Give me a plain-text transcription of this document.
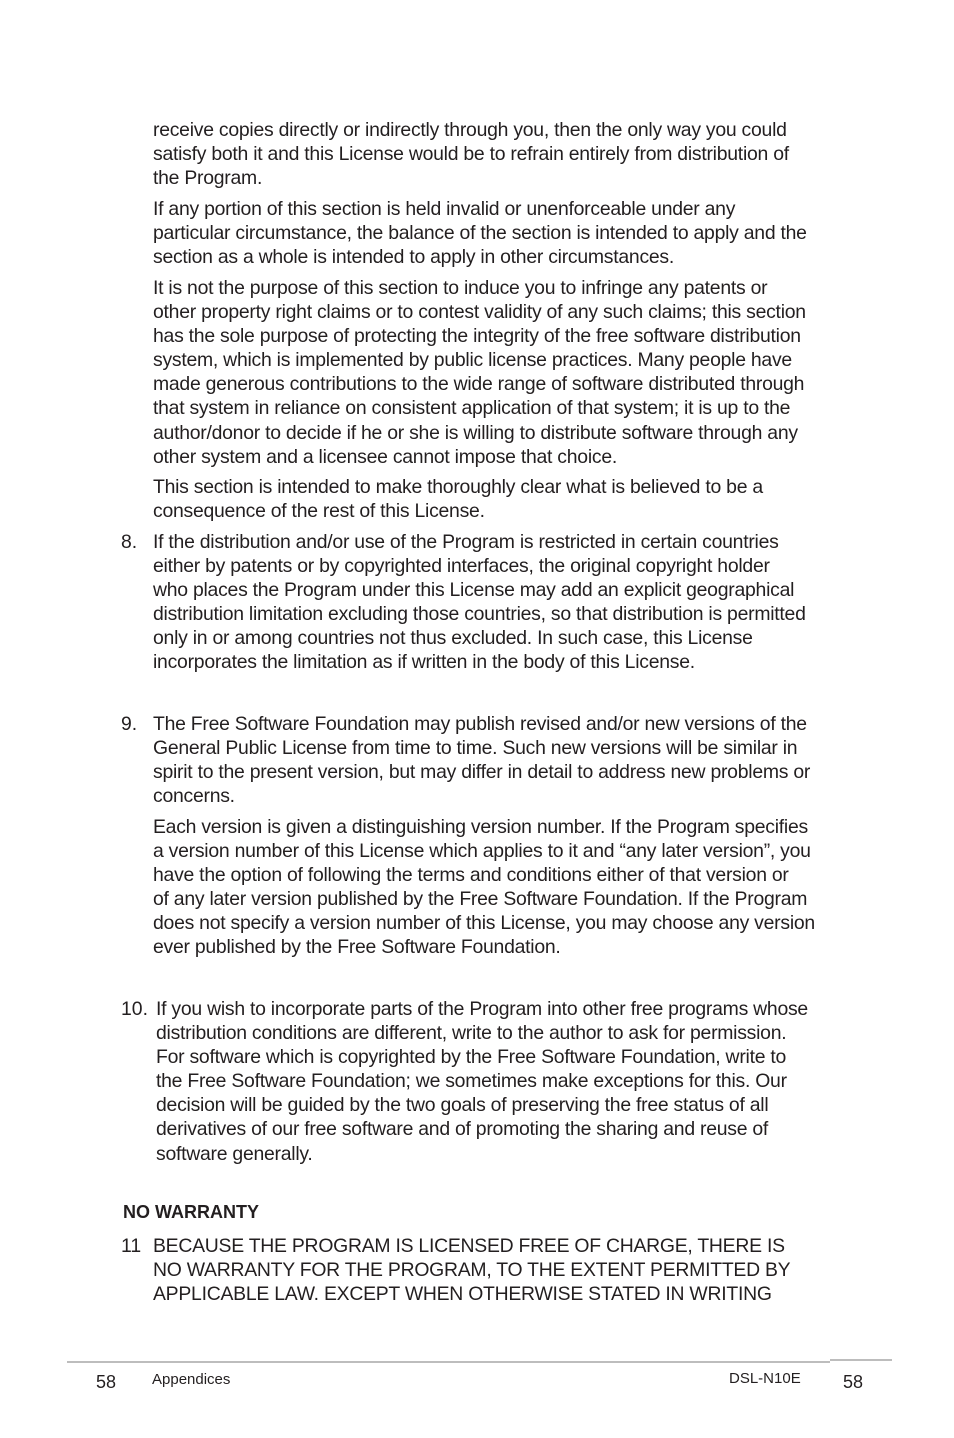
receive copies directly or indirectly through you, then the only way you could
satisfy both it and this License would be to refrain entirely from distribution of
the Program.

If any portion of this section is held invalid or unenforceable under any
particular circumstance, the balance of the section is intended to apply and the
section as a whole is intended to apply in other circumstances.

It is not the purpose of this section to induce you to infringe any patents or
other property right claims or to contest validity of any such claims; this section
has the sole purpose of protecting the integrity of the free software distribution
system, which is implemented by public license practices. Many people have
made generous contributions to the wide range of software distributed through
that system in reliance on consistent application of that system; it is up to the
author/donor to decide if he or she is willing to distribute software through any
other system and a licensee cannot impose that choice.

This section is intended to make thoroughly clear what is believed to be a
consequence of the rest of this License.

8. If the distribution and/or use of the Program is restricted in certain countries
either by patents or by copyrighted interfaces, the original copyright holder
who places the Program under this License may add an explicit geographical
distribution limitation excluding those countries, so that distribution is permitted
only in or among countries not thus excluded. In such case, this License
incorporates the limitation as if written in the body of this License.

9. The Free Software Foundation may publish revised and/or new versions of the
General Public License from time to time. Such new versions will be similar in
spirit to the present version, but may differ in detail to address new problems or
concerns.

Each version is given a distinguishing version number. If the Program specifies
a version number of this License which applies to it and “any later version”, you
have the option of following the terms and conditions either of that version or
of any later version published by the Free Software Foundation. If the Program
does not specify a version number of this License, you may choose any version
ever published by the Free Software Foundation.

10. If you wish to incorporate parts of the Program into other free programs whose
distribution conditions are different, write to the author to ask for permission.
For software which is copyrighted by the Free Software Foundation, write to
the Free Software Foundation; we sometimes make exceptions for this. Our
decision will be guided by the two goals of preserving the free status of all
derivatives of our free software and of promoting the sharing and reuse of
software generally.

NO WARRANTY

11 BECAUSE THE PROGRAM IS LICENSED FREE OF CHARGE, THERE IS
NO WARRANTY FOR THE PROGRAM, TO THE EXTENT PERMITTED BY
APPLICABLE LAW. EXCEPT WHEN OTHERWISE STATED IN WRITING

58 Appendices	DSL-N10E 58
